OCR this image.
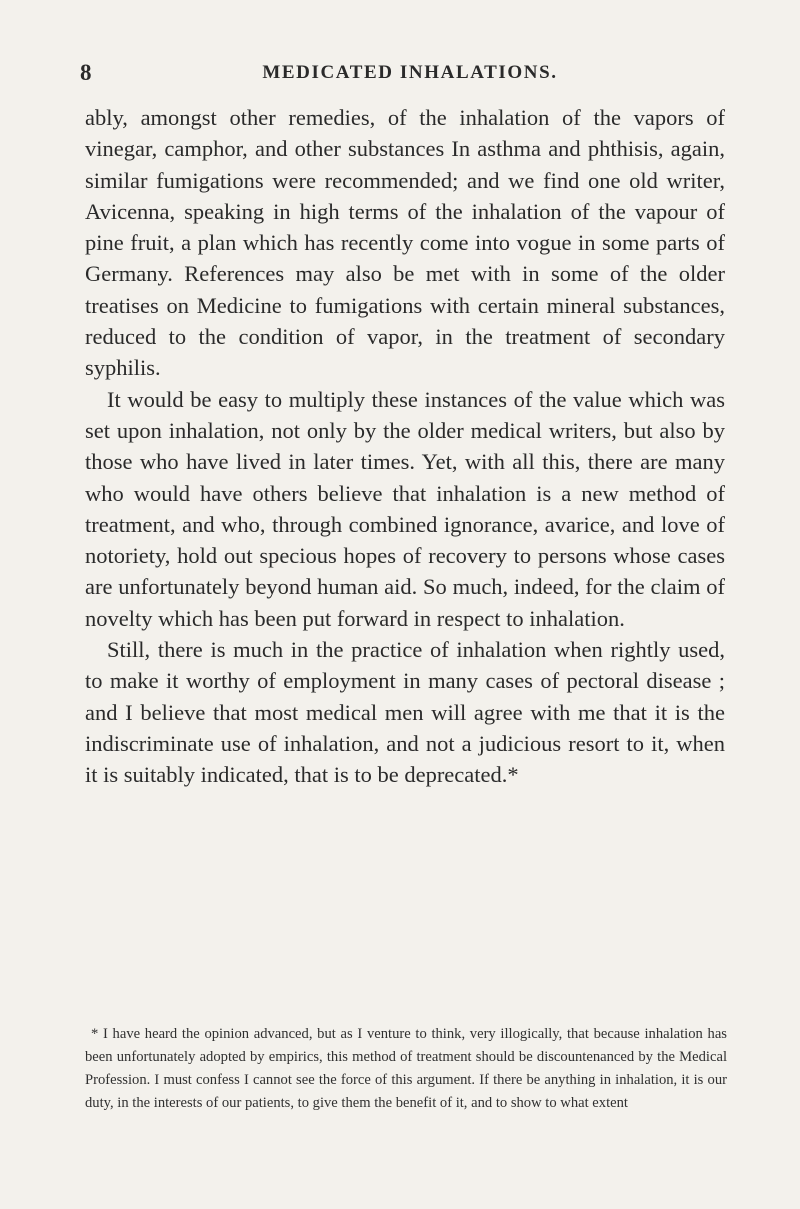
8	MEDICATED INHALATIONS.

ably, amongst other remedies, of the inhalation of the vapors of vinegar, camphor, and other substances In asthma and phthisis, again, similar fumigations were recommended; and we find one old writer, Avicenna, speaking in high terms of the inhalation of the vapour of pine fruit, a plan which has recently come into vogue in some parts of Germany. References may also be met with in some of the older treatises on Medicine to fumigations with certain mineral substances, reduced to the condition of vapor, in the treatment of secondary syphilis.

It would be easy to multiply these instances of the value which was set upon inhalation, not only by the older medical writers, but also by those who have lived in later times. Yet, with all this, there are many who would have others believe that inhalation is a new method of treatment, and who, through combined ignorance, avarice, and love of notoriety, hold out specious hopes of recovery to persons whose cases are unfortunately beyond human aid. So much, indeed, for the claim of novelty which has been put forward in respect to inhalation.

Still, there is much in the practice of inhalation when rightly used, to make it worthy of employment in many cases of pectoral disease ; and I believe that most medical men will agree with me that it is the indiscriminate use of inhalation, and not a judicious resort to it, when it is suitably indicated, that is to be deprecated.*

* I have heard the opinion advanced, but as I venture to think, very illogically, that because inhalation has been unfortunately adopted by empirics, this method of treatment should be discountenanced by the Medical Profession. I must confess I cannot see the force of this argument. If there be anything in inhalation, it is our duty, in the interests of our patients, to give them the benefit of it, and to show to what extent
